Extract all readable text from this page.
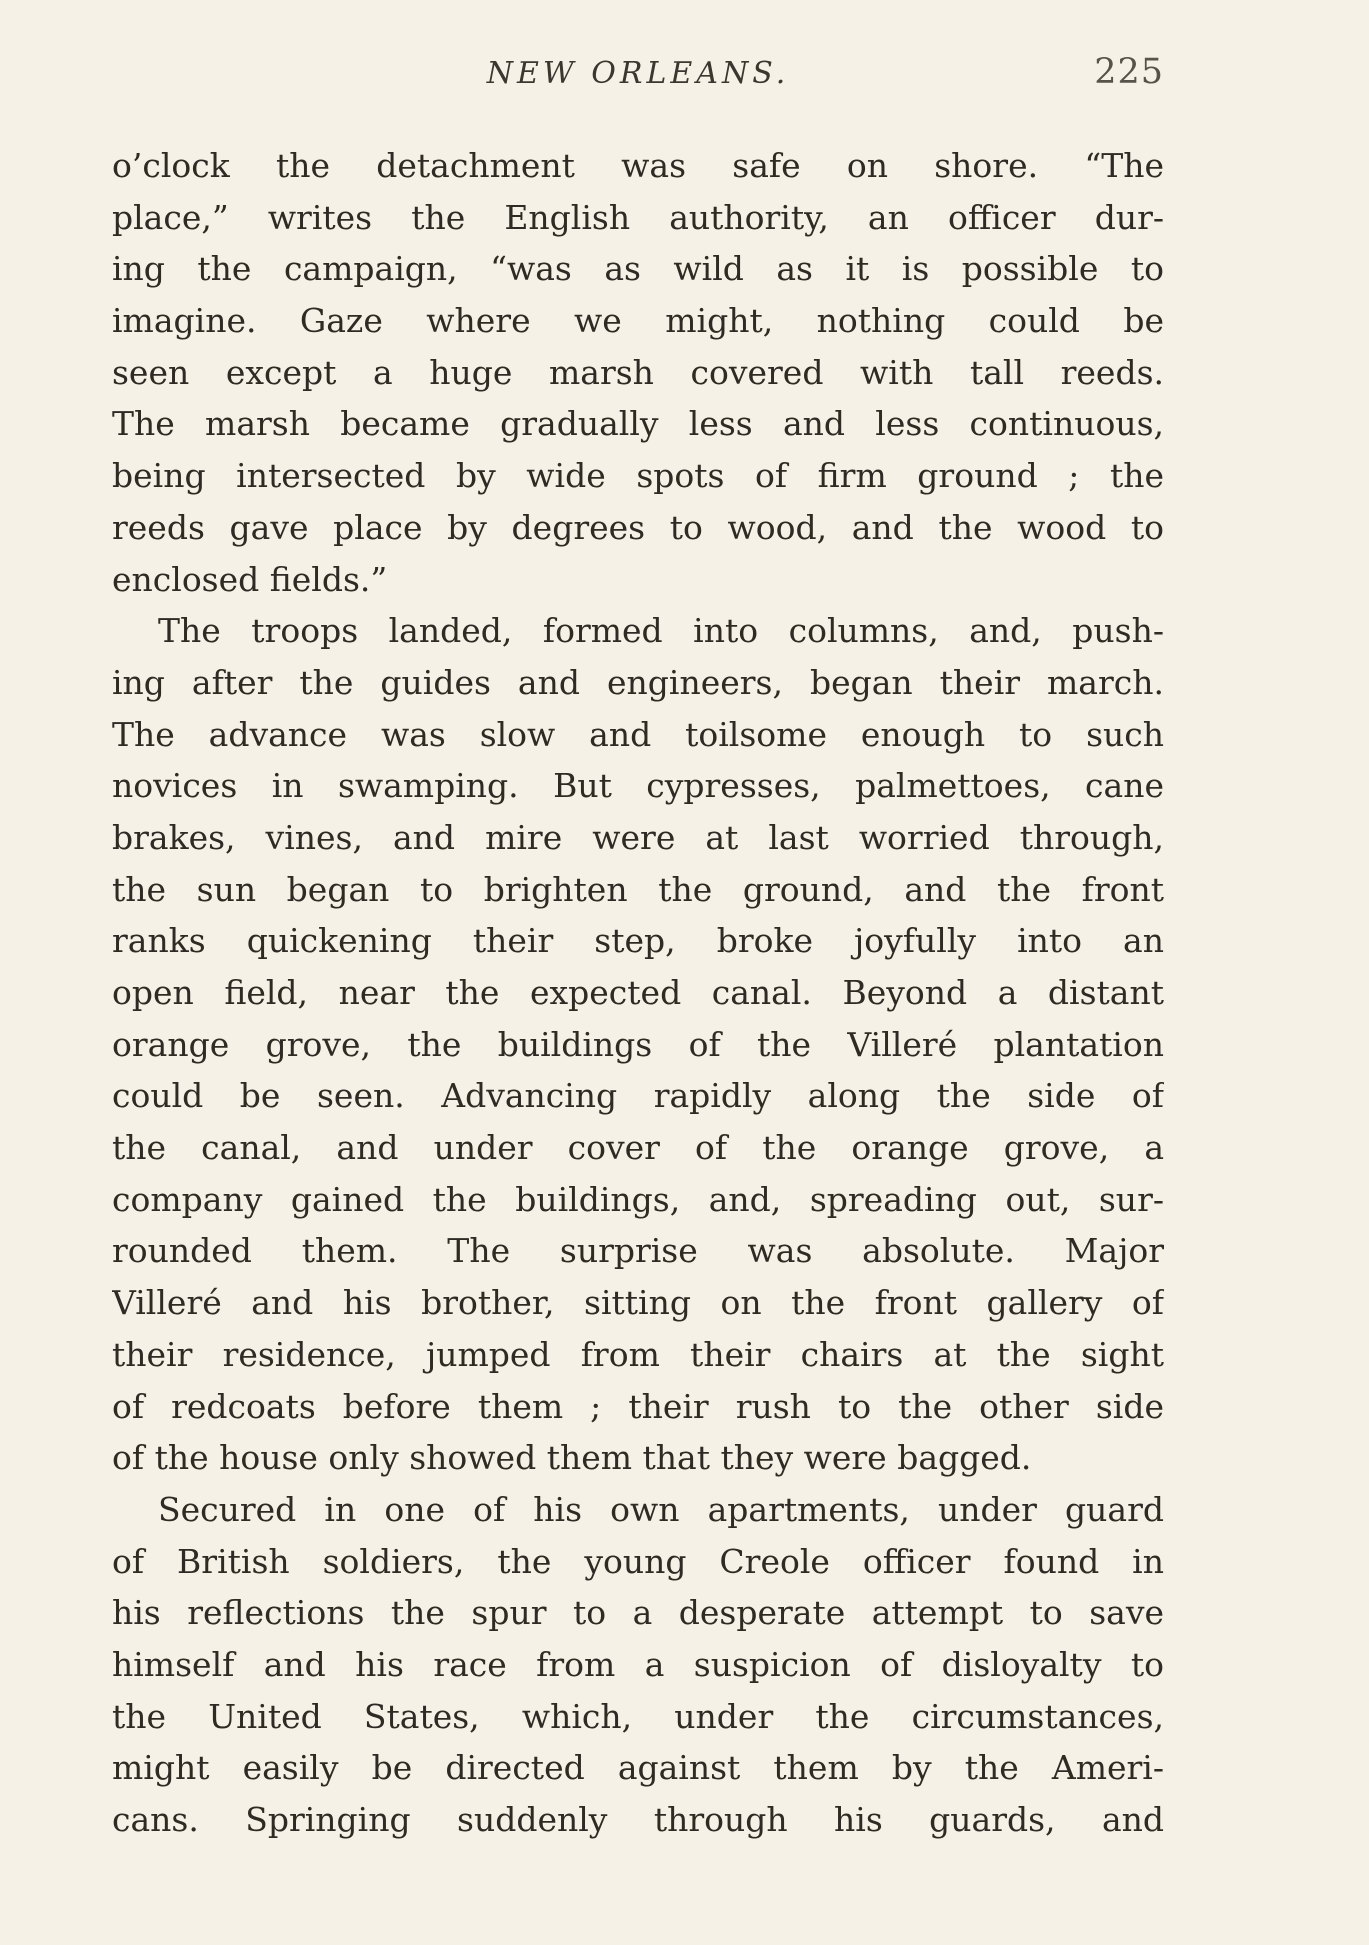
NEW ORLEANS.	225
o’clock the detachment was safe on shore. “The
place,” writes the English authority, an officer dur-
ing the campaign, “was as wild as it is possible to
imagine. Gaze where we might, nothing could be
seen except a huge marsh covered with tall reeds.
The marsh became gradually less and less continuous,
being intersected by wide spots of firm ground ; the
reeds gave place by degrees to wood, and the wood to
enclosed fields.”
The troops landed, formed into columns, and, push-
ing after the guides and engineers, began their march.
The advance was slow and toilsome enough to such
novices in swamping. But cypresses, palmettoes, cane
brakes, vines, and mire were at last worried through,
the sun began to brighten the ground, and the front
ranks quickening their step, broke joyfully into an
open field, near the expected canal. Beyond a distant
orange grove, the buildings of the Villeré plantation
could be seen. Advancing rapidly along the side of
the canal, and under cover of the orange grove, a
company gained the buildings, and, spreading out, sur-
rounded them. The surprise was absolute. Major
Villeré and his brother, sitting on the front gallery of
their residence, jumped from their chairs at the sight
of redcoats before them ; their rush to the other side
of the house only showed them that they were bagged.
Secured in one of his own apartments, under guard
of British soldiers, the young Creole officer found in
his reflections the spur to a desperate attempt to save
himself and his race from a suspicion of disloyalty to
the United States, which, under the circumstances,
might easily be directed against them by the Ameri-
cans. Springing suddenly through his guards, and
